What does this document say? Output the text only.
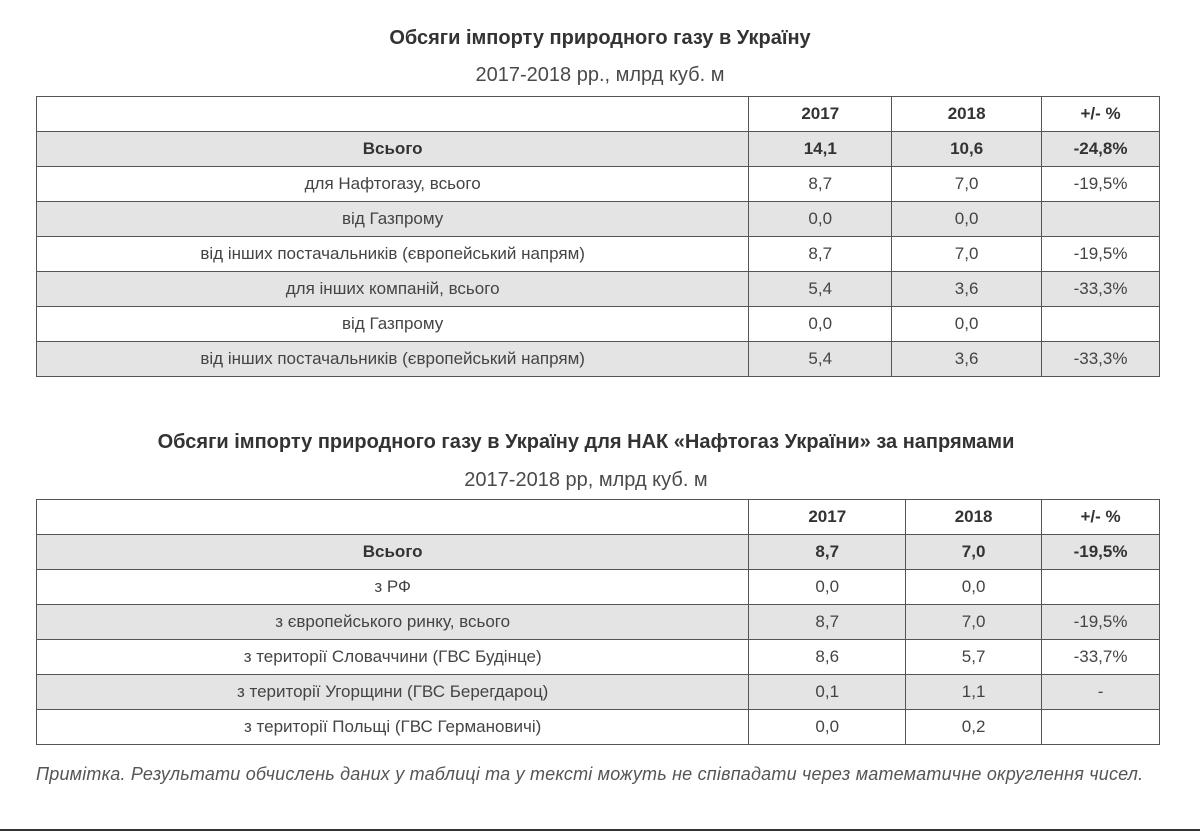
Обсяги імпорту природного газу в Україну
2017-2018 рр., млрд куб. м
	2017	2018	+/- %
Всього	14,1	10,6	-24,8%
для Нафтогазу, всього	8,7	7,0	-19,5%
від Газпрому	0,0	0,0	
від інших постачальників (європейський напрям)	8,7	7,0	-19,5%
для інших компаній, всього	5,4	3,6	-33,3%
від Газпрому	0,0	0,0	
від інших постачальників (європейський напрям)	5,4	3,6	-33,3%
Обсяги імпорту природного газу в Україну для НАК «Нафтогаз України» за напрямами
2017-2018 рр, млрд куб. м
	2017	2018	+/- %
Всього	8,7	7,0	-19,5%
з РФ	0,0	0,0	
з європейського ринку, всього	8,7	7,0	-19,5%
з території Словаччини (ГВС Будінце)	8,6	5,7	-33,7%
з території Угорщини (ГВС Берегдароц)	0,1	1,1	-
з території Польщі (ГВС Германовичі)	0,0	0,2	
Примітка. Результати обчислень даних у таблиці та у тексті можуть не співпадати через математичне округлення чисел.
